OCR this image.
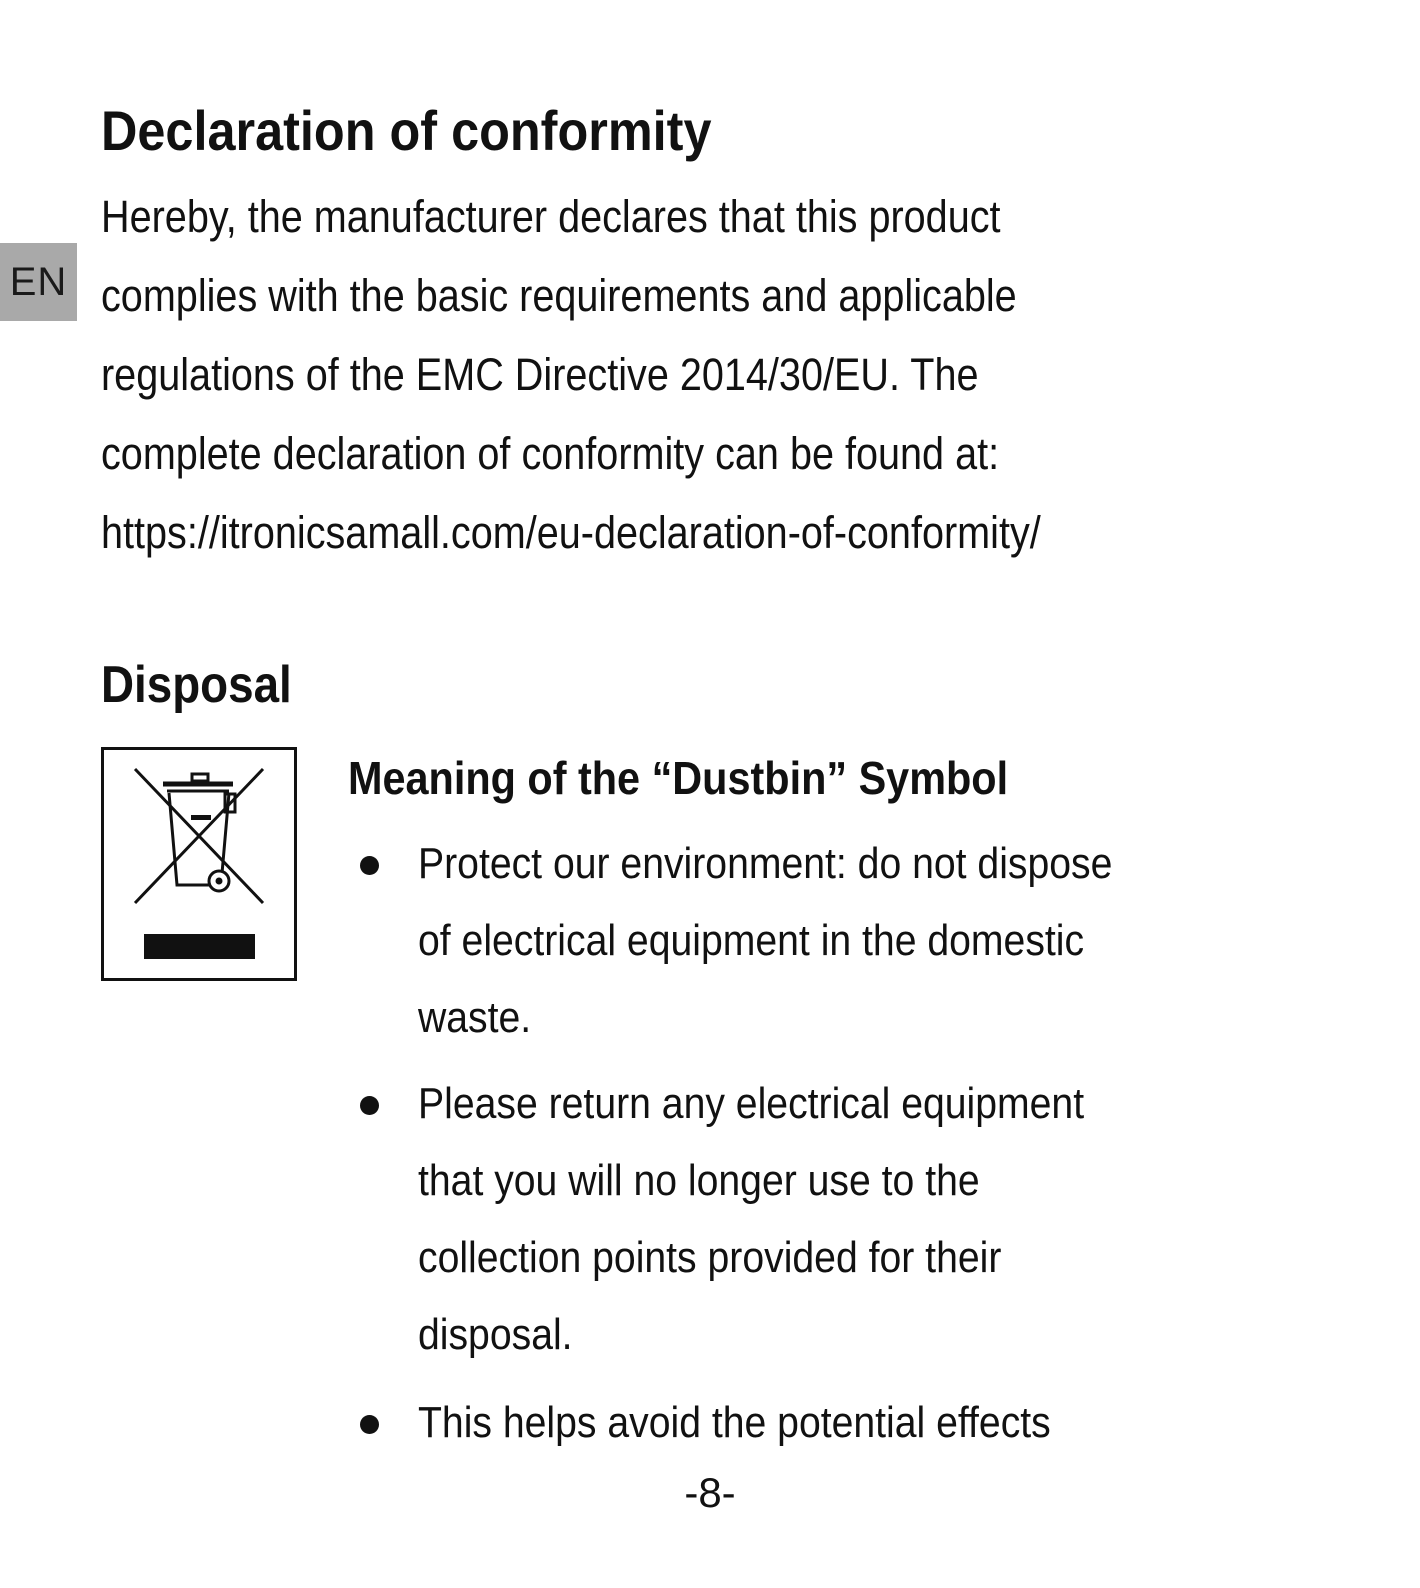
EN
Declaration of conformity

Hereby, the manufacturer declares that this product
complies with the basic requirements and applicable
regulations of the EMC Directive 2014/30/EU. The
complete declaration of conformity can be found at:
https://itronicsamall.com/eu-declaration-of-conformity/

Disposal
Meaning of the “Dustbin” Symbol
Protect our environment: do not dispose
of electrical equipment in the domestic
waste.
Please return any electrical equipment
that you will no longer use to the
collection points provided for their
disposal.
This helps avoid the potential effects
-8-
